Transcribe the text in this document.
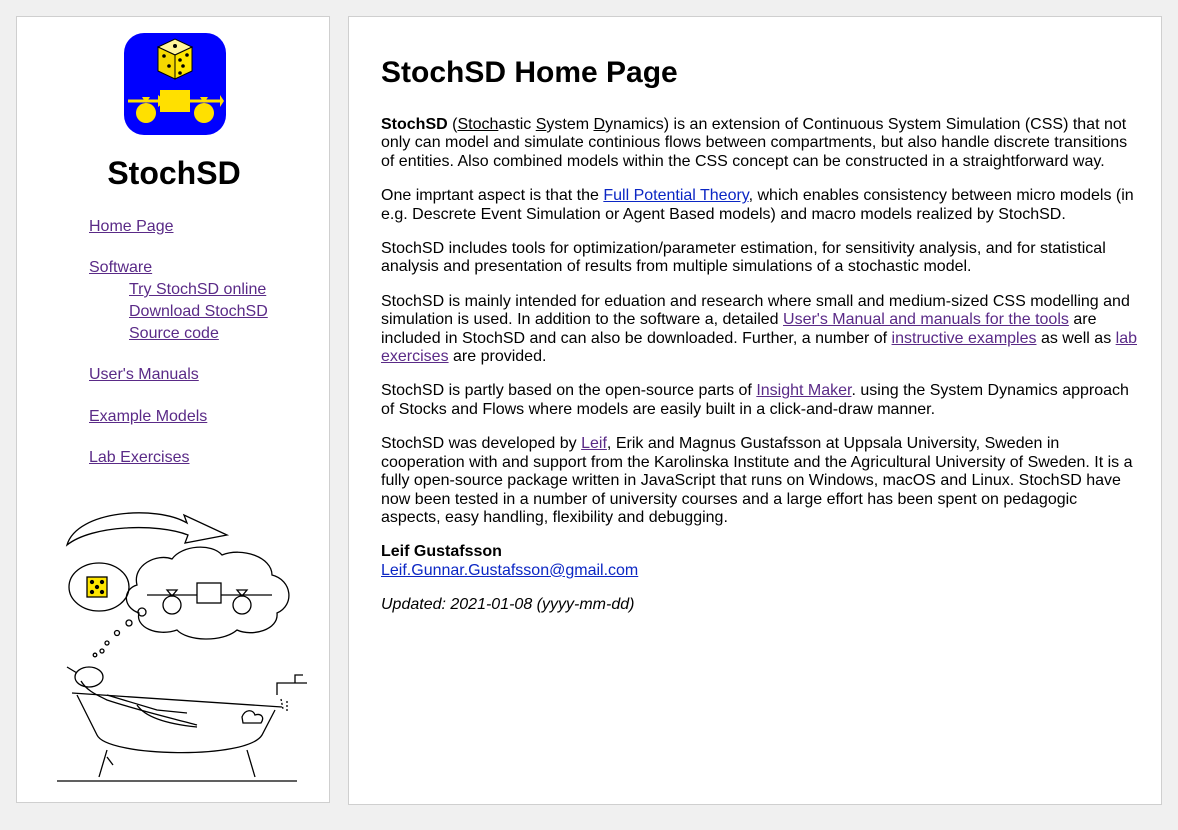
StochSD
Home Page
Software
Try StochSD online
Download StochSD
Source code
User's Manuals
Example Models
Lab Exercises
StochSD Home Page

StochSD (Stochastic System Dynamics) is an extension of Continuous System Simulation (CSS) that not only can model and simulate continious flows between compartments, but also handle discrete transitions of entities. Also combined models within the CSS concept can be constructed in a straightforward way.

One imprtant aspect is that the Full Potential Theory, which enables consistency between micro models (in e.g. Descrete Event Simulation or Agent Based models) and macro models realized by StochSD.

StochSD includes tools for optimization/parameter estimation, for sensitivity analysis, and for statistical analysis and presentation of results from multiple simulations of a stochastic model.

StochSD is mainly intended for eduation and research where small and medium-sized CSS modelling and simulation is used. In addition to the software a, detailed User's Manual and manuals for the tools are included in StochSD and can also be downloaded. Further, a number of instructive examples as well as lab exercises are provided.

StochSD is partly based on the open-source parts of Insight Maker. using the System Dynamics approach of Stocks and Flows where models are easily built in a click-and-draw manner.

StochSD was developed by Leif, Erik and Magnus Gustafsson at Uppsala University, Sweden in cooperation with and support from the Karolinska Institute and the Agricultural University of Sweden. It is a fully open-source package written in JavaScript that runs on Windows, macOS and Linux. StochSD have now been tested in a number of university courses and a large effort has been spent on pedagogic aspects, easy handling, flexibility and debugging.

Leif Gustafsson
Leif.Gunnar.Gustafsson@gmail.com

Updated: 2021-01-08 (yyyy-mm-dd)
